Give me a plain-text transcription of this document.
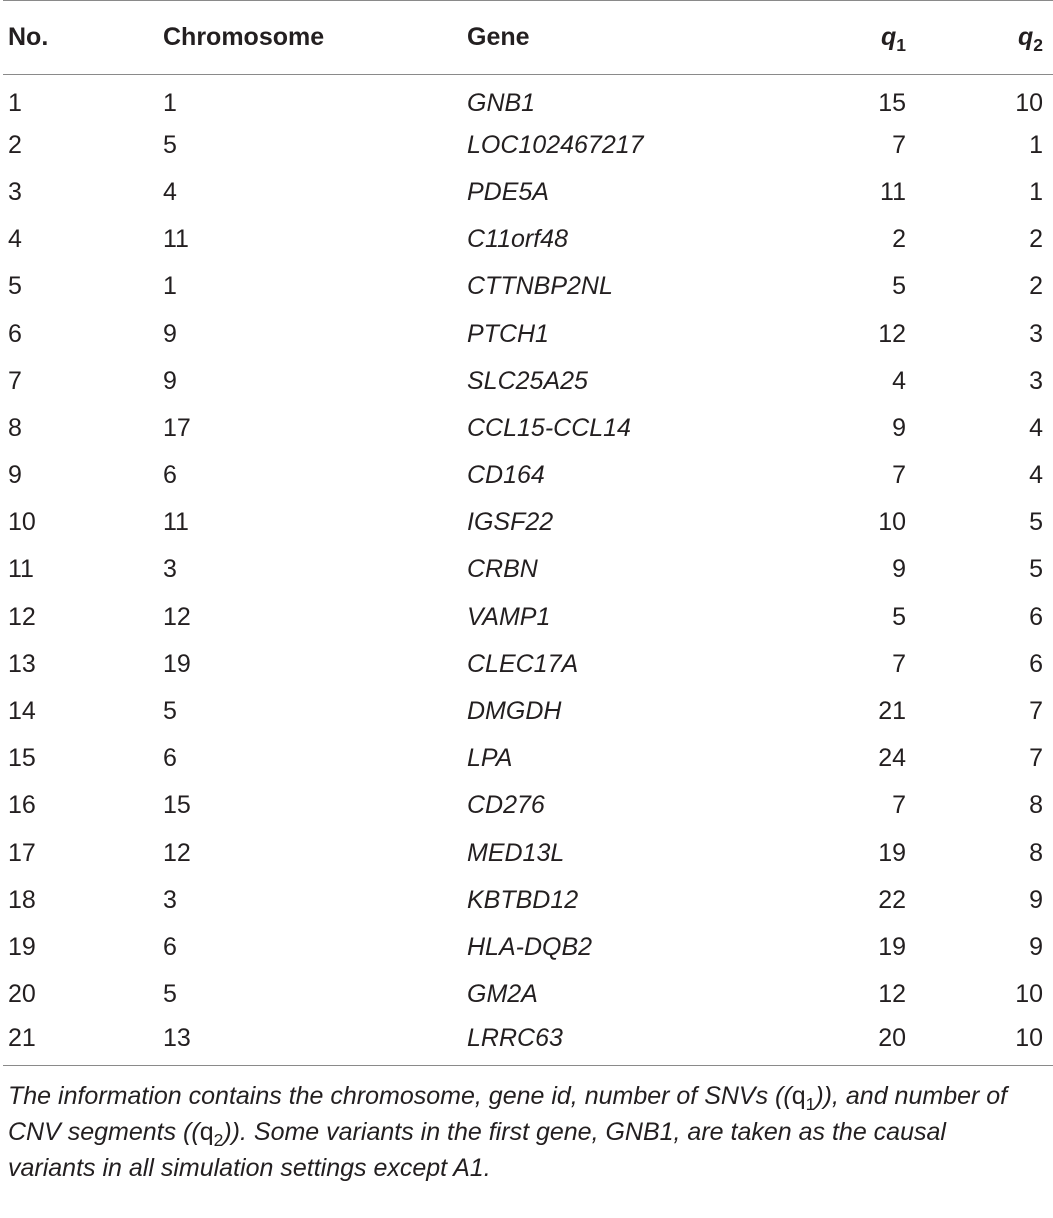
No.	Chromosome	Gene	$q_1$	$q_2$
1	1	GNB1	15	10
2	5	LOC102467217	7	1
3	4	PDE5A	11	1
4	11	C11orf48	2	2
5	1	CTTNBP2NL	5	2
6	9	PTCH1	12	3
7	9	SLC25A25	4	3
8	17	CCL15-CCL14	9	4
9	6	CD164	7	4
10	11	IGSF22	10	5
11	3	CRBN	9	5
12	12	VAMP1	5	6
13	19	CLEC17A	7	6
14	5	DMGDH	21	7
15	6	LPA	24	7
16	15	CD276	7	8
17	12	MED13L	19	8
18	3	KBTBD12	22	9
19	6	HLA-DQB2	19	9
20	5	GM2A	12	10
21	13	LRRC63	20	10
The information contains the chromosome, gene id, number of SNVs $((q_1))$, and number of CNV segments $((q_2))$. Some variants in the first gene, GNB1, are taken as the causal variants in all simulation settings except A1.
